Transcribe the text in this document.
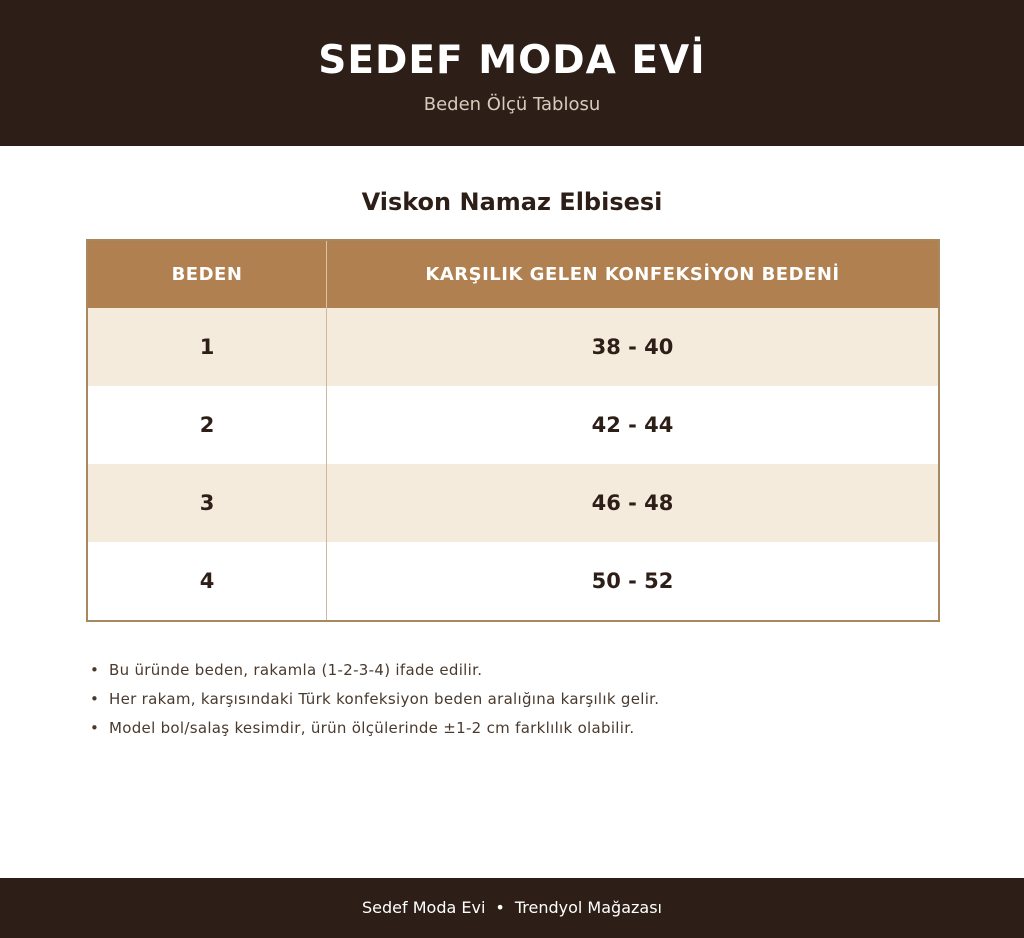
SEDEF MODA EVİ
Beden Ölçü Tablosu
Viskon Namaz Elbisesi
BEDEN	KARŞILIK GELEN KONFEKSİYON BEDENİ
1	38 - 40
2	42 - 44
3	46 - 48
4	50 - 52
• Bu üründe beden, rakamla (1-2-3-4) ifade edilir.
• Her rakam, karşısındaki Türk konfeksiyon beden aralığına karşılık gelir.
• Model bol/salaş kesimdir, ürün ölçülerinde ±1-2 cm farklılık olabilir.
Sedef Moda Evi • Trendyol Mağazası
